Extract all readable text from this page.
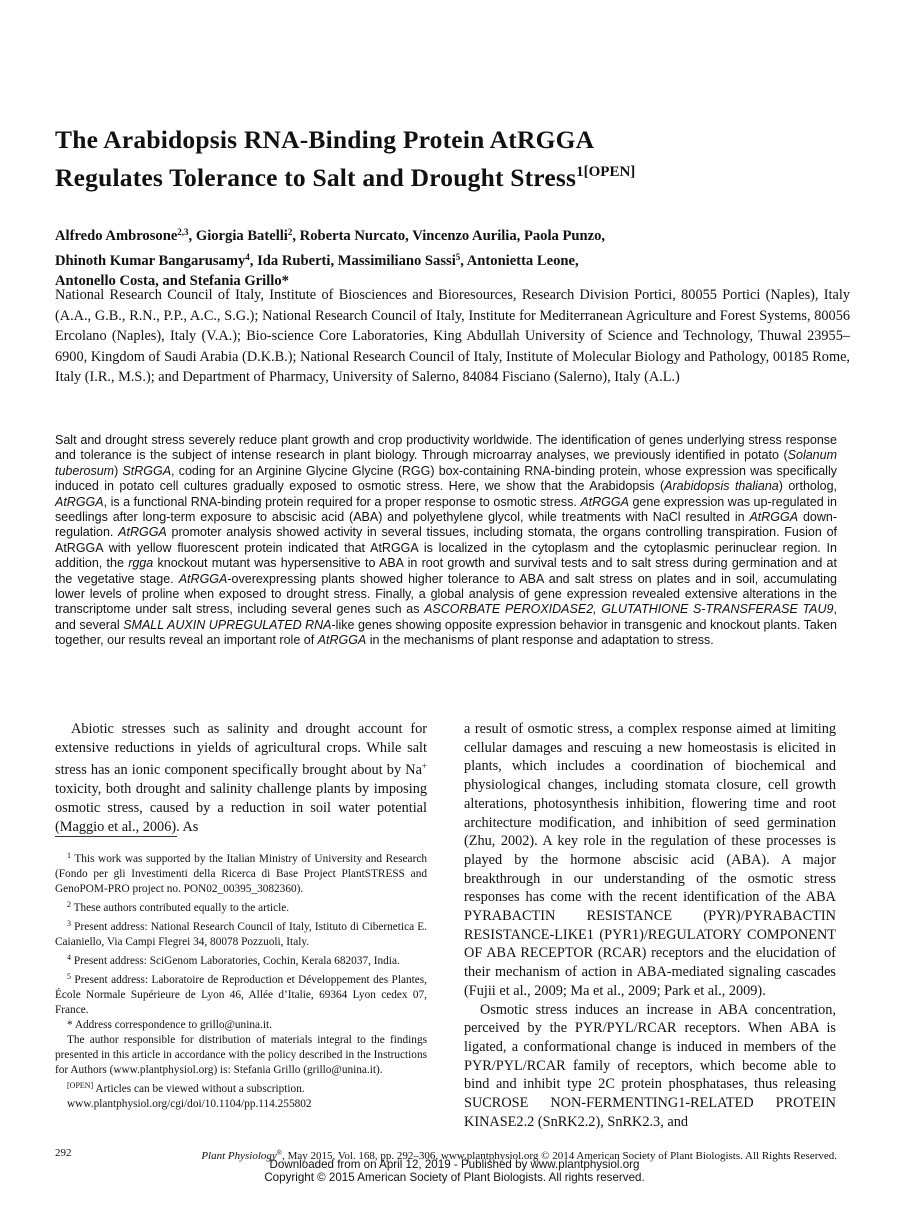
The Arabidopsis RNA-Binding Protein AtRGGA
Regulates Tolerance to Salt and Drought Stress$^{1[OPEN]}$
Alfredo Ambrosone$^{2,3}$, Giorgia Batelli$^2$, Roberta Nurcato, Vincenzo Aurilia, Paola Punzo,
Dhinoth Kumar Bangarusamy$^4$, Ida Ruberti, Massimiliano Sassi$^5$, Antonietta Leone,
Antonello Costa, and Stefania Grillo*
National Research Council of Italy, Institute of Biosciences and Bioresources, Research Division Portici, 80055 Portici (Naples), Italy (A.A., G.B., R.N., P.P., A.C., S.G.); National Research Council of Italy, Institute for Mediterranean Agriculture and Forest Systems, 80056 Ercolano (Naples), Italy (V.A.); Bio-science Core Laboratories, King Abdullah University of Science and Technology, Thuwal 23955–6900, Kingdom of Saudi Arabia (D.K.B.); National Research Council of Italy, Institute of Molecular Biology and Pathology, 00185 Rome, Italy (I.R., M.S.); and Department of Pharmacy, University of Salerno, 84084 Fisciano (Salerno), Italy (A.L.)
Salt and drought stress severely reduce plant growth and crop productivity worldwide. The identification of genes underlying stress response and tolerance is the subject of intense research in plant biology. Through microarray analyses, we previously identified in potato (Solanum tuberosum) StRGGA, coding for an Arginine Glycine Glycine (RGG) box-containing RNA-binding protein, whose expression was specifically induced in potato cell cultures gradually exposed to osmotic stress. Here, we show that the Arabidopsis (Arabidopsis thaliana) ortholog, AtRGGA, is a functional RNA-binding protein required for a proper response to osmotic stress. AtRGGA gene expression was up-regulated in seedlings after long-term exposure to abscisic acid (ABA) and polyethylene glycol, while treatments with NaCl resulted in AtRGGA down-regulation. AtRGGA promoter analysis showed activity in several tissues, including stomata, the organs controlling transpiration. Fusion of AtRGGA with yellow fluorescent protein indicated that AtRGGA is localized in the cytoplasm and the cytoplasmic perinuclear region. In addition, the rgga knockout mutant was hypersensitive to ABA in root growth and survival tests and to salt stress during germination and at the vegetative stage. AtRGGA-overexpressing plants showed higher tolerance to ABA and salt stress on plates and in soil, accumulating lower levels of proline when exposed to drought stress. Finally, a global analysis of gene expression revealed extensive alterations in the transcriptome under salt stress, including several genes such as ASCORBATE PEROXIDASE2, GLUTATHIONE S-TRANSFERASE TAU9, and several SMALL AUXIN UPREGULATED RNA-like genes showing opposite expression behavior in transgenic and knockout plants. Taken together, our results reveal an important role of AtRGGA in the mechanisms of plant response and adaptation to stress.

Abiotic stresses such as salinity and drought account for extensive reductions in yields of agricultural crops. While salt stress has an ionic component specifically brought about by Na+ toxicity, both drought and salinity challenge plants by imposing osmotic stress, caused by a reduction in soil water potential (Maggio et al., 2006). As

$^1$ This work was supported by the Italian Ministry of University and Research (Fondo per gli Investimenti della Ricerca di Base Project PlantSTRESS and GenoPOM-PRO project no. PON02_00395_3082360).

$^2$ These authors contributed equally to the article.

$^3$ Present address: National Research Council of Italy, Istituto di Cibernetica E. Caianiello, Via Campi Flegrei 34, 80078 Pozzuoli, Italy.

$^4$ Present address: SciGenom Laboratories, Cochin, Kerala 682037, India.

$^5$ Present address: Laboratoire de Reproduction et Développement des Plantes, École Normale Supérieure de Lyon 46, Allée d’Italie, 69364 Lyon cedex 07, France.

* Address correspondence to grillo@unina.it.

The author responsible for distribution of materials integral to the findings presented in this article in accordance with the policy described in the Instructions for Authors (www.plantphysiol.org) is: Stefania Grillo (grillo@unina.it).

[OPEN] Articles can be viewed without a subscription.

www.plantphysiol.org/cgi/doi/10.1104/pp.114.255802

a result of osmotic stress, a complex response aimed at limiting cellular damages and rescuing a new homeostasis is elicited in plants, which includes a coordination of biochemical and physiological changes, including stomata closure, cell growth alterations, photosynthesis inhibition, flowering time and root architecture modification, and inhibition of seed germination (Zhu, 2002). A key role in the regulation of these processes is played by the hormone abscisic acid (ABA). A major breakthrough in our understanding of the osmotic stress responses has come with the recent identification of the ABA PYRABACTIN RESISTANCE (PYR)/PYRABACTIN RESISTANCE-LIKE1 (PYR1)/REGULATORY COMPONENT OF ABA RECEPTOR (RCAR) receptors and the elucidation of their mechanism of action in ABA-mediated signaling cascades (Fujii et al., 2009; Ma et al., 2009; Park et al., 2009).

Osmotic stress induces an increase in ABA concentration, perceived by the PYR/PYL/RCAR receptors. When ABA is ligated, a conformational change is induced in members of the PYR/PYL/RCAR family of receptors, which become able to bind and inhibit type 2C protein phosphatases, thus releasing SUCROSE NON-FERMENTING1-RELATED PROTEIN KINASE2.2 (SnRK2.2), SnRK2.3, and

292	Plant Physiology®, May 2015, Vol. 168, pp. 292–306, www.plantphysiol.org © 2014 American Society of Plant Biologists. All Rights Reserved.
Downloaded from on April 12, 2019 - Published by www.plantphysiol.org
Copyright © 2015 American Society of Plant Biologists. All rights reserved.
